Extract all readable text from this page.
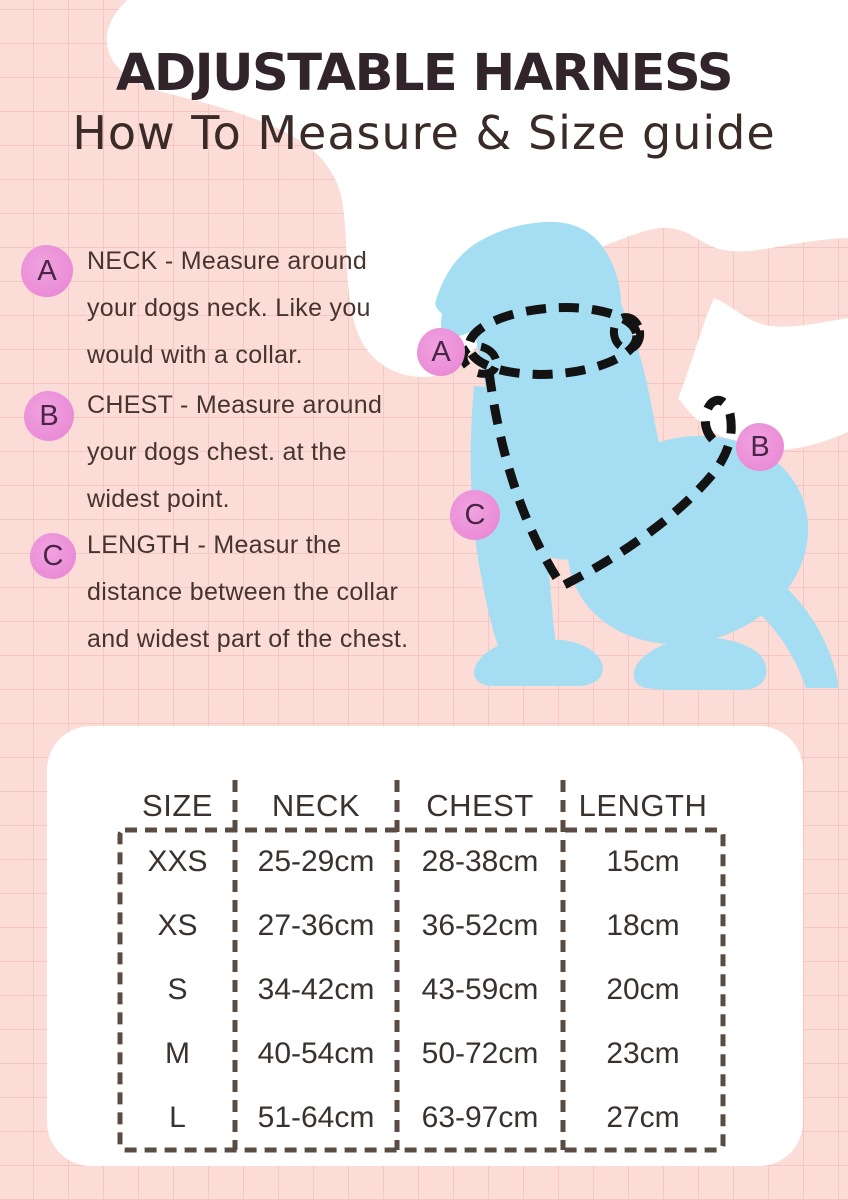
ADJUSTABLE HARNESS
How To Measure & Size guide
A	NECK - Measure around
your dogs neck. Like you
would with a collar.
B	CHEST - Measure around
your dogs chest. at the
widest point.
C LENGTH - Measur the
distance between the collar
and widest part of the chest.
A
B
C
SIZE	NECK	CHEST	LENGTH
XXS	25-29cm	28-38cm	15cm
XS	27-36cm	36-52cm	18cm
S	34-42cm	43-59cm	20cm
M	40-54cm	50-72cm	23cm
L	51-64cm	63-97cm	27cm
